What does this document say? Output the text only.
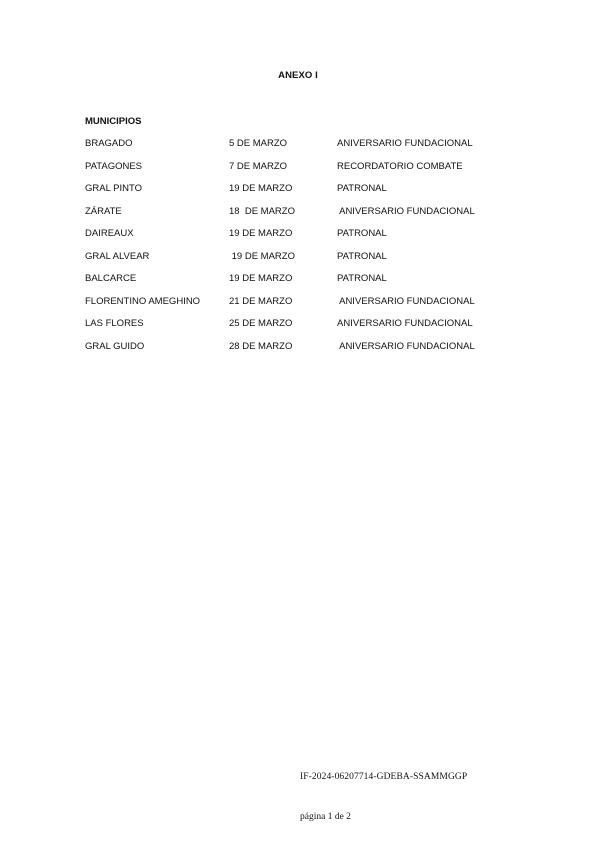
ANEXO I
MUNICIPIOS
BRAGADO	5 DE MARZO	ANIVERSARIO FUNDACIONAL
PATAGONES	7 DE MARZO	RECORDATORIO COMBATE
GRAL PINTO	19 DE MARZO	PATRONAL
ZÁRATE	18  DE MARZO	ANIVERSARIO FUNDACIONAL
DAIREAUX	19 DE MARZO	PATRONAL
GRAL ALVEAR	19 DE MARZO	PATRONAL
BALCARCE	19 DE MARZO	PATRONAL
FLORENTINO AMEGHINO	21 DE MARZO	ANIVERSARIO FUNDACIONAL
LAS FLORES	25 DE MARZO	ANIVERSARIO FUNDACIONAL
GRAL GUIDO	28 DE MARZO	ANIVERSARIO FUNDACIONAL
IF-2024-06207714-GDEBA-SSAMMGGP
página 1 de 2
